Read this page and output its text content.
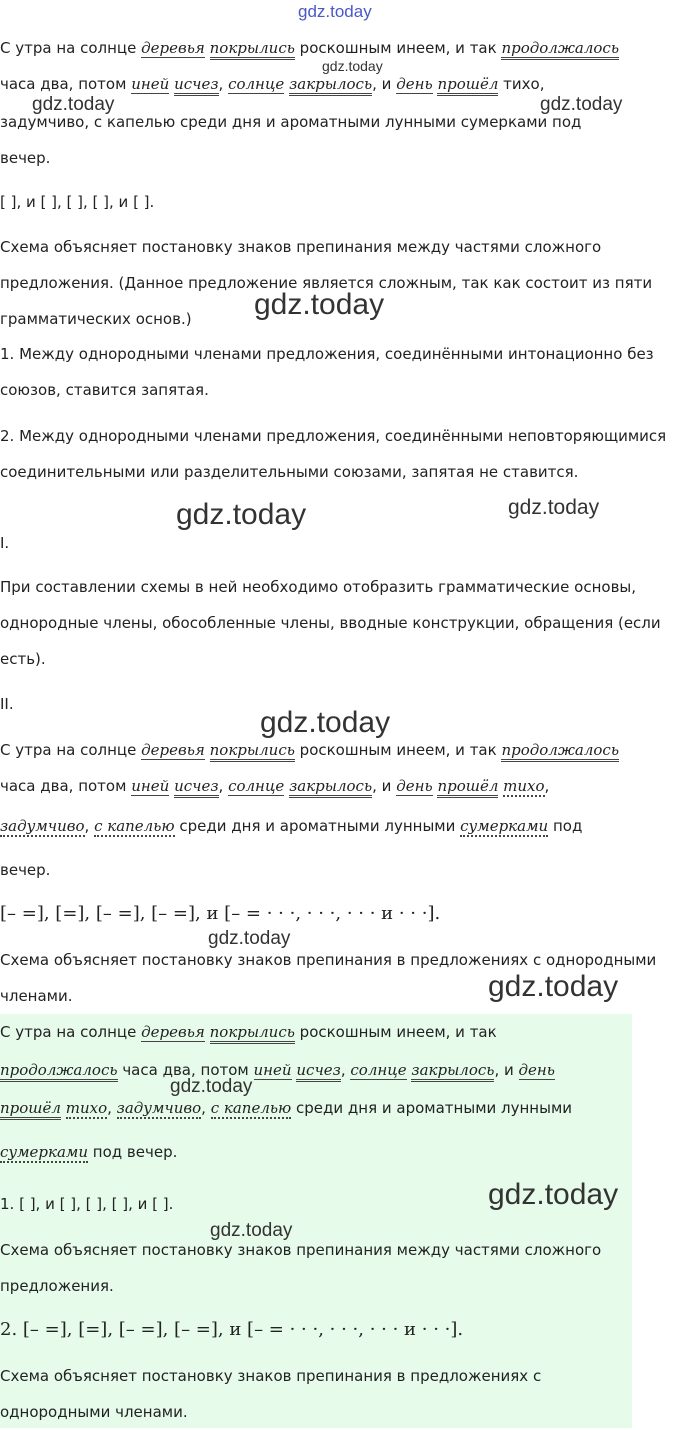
gdz.today
gdz.today
gdz.today	gdz.today
gdz.today
gdz.today	gdz.today
gdz.today
gdz.today
gdz.today
gdz.today
gdz.today
gdz.today
С утра на солнце деревья покрылись роскошным инеем, и так продолжалось
часа два, потом иней исчез, солнце закрылось, и день прошёл тихо,
задумчиво, с капелью среди дня и ароматными лунными сумерками под
вечер.
[ ], и [ ], [ ], [ ], и [ ].
Схема объясняет постановку знаков препинания между частями сложного предложения. (Данное предложение является сложным, так как состоит из пяти грамматических основ.)
1. Между однородными членами предложения, соединёнными интонационно без союзов, ставится запятая.
2. Между однородными членами предложения, соединёнными неповторяющимися соединительными или разделительными союзами, запятая не ставится.
I.
При составлении схемы в ней необходимо отобразить грамматические основы, однородные члены, обособленные члены, вводные конструкции, обращения (если есть).
II.
С утра на солнце деревья покрылись роскошным инеем, и так продолжалось
часа два, потом иней исчез, солнце закрылось, и день прошёл тихо,
задумчиво, с капелью среди дня и ароматными лунными сумерками под
вечер.
[– =], [=], [– =], [– =], и [– = · · ·, · · ·, · · · и · · ·].
Схема объясняет постановку знаков препинания в предложениях с однородными членами.
С утра на солнце деревья покрылись роскошным инеем, и так
продолжалось часа два, потом иней исчез, солнце закрылось, и день
прошёл тихо, задумчиво, с капелью среди дня и ароматными лунными
сумерками под вечер.
1. [ ], и [ ], [ ], [ ], и [ ].
Схема объясняет постановку знаков препинания между частями сложного предложения.
2. [– =], [=], [– =], [– =], и [– = · · ·, · · ·, · · · и · · ·].
Схема объясняет постановку знаков препинания в предложениях с однородными членами.
